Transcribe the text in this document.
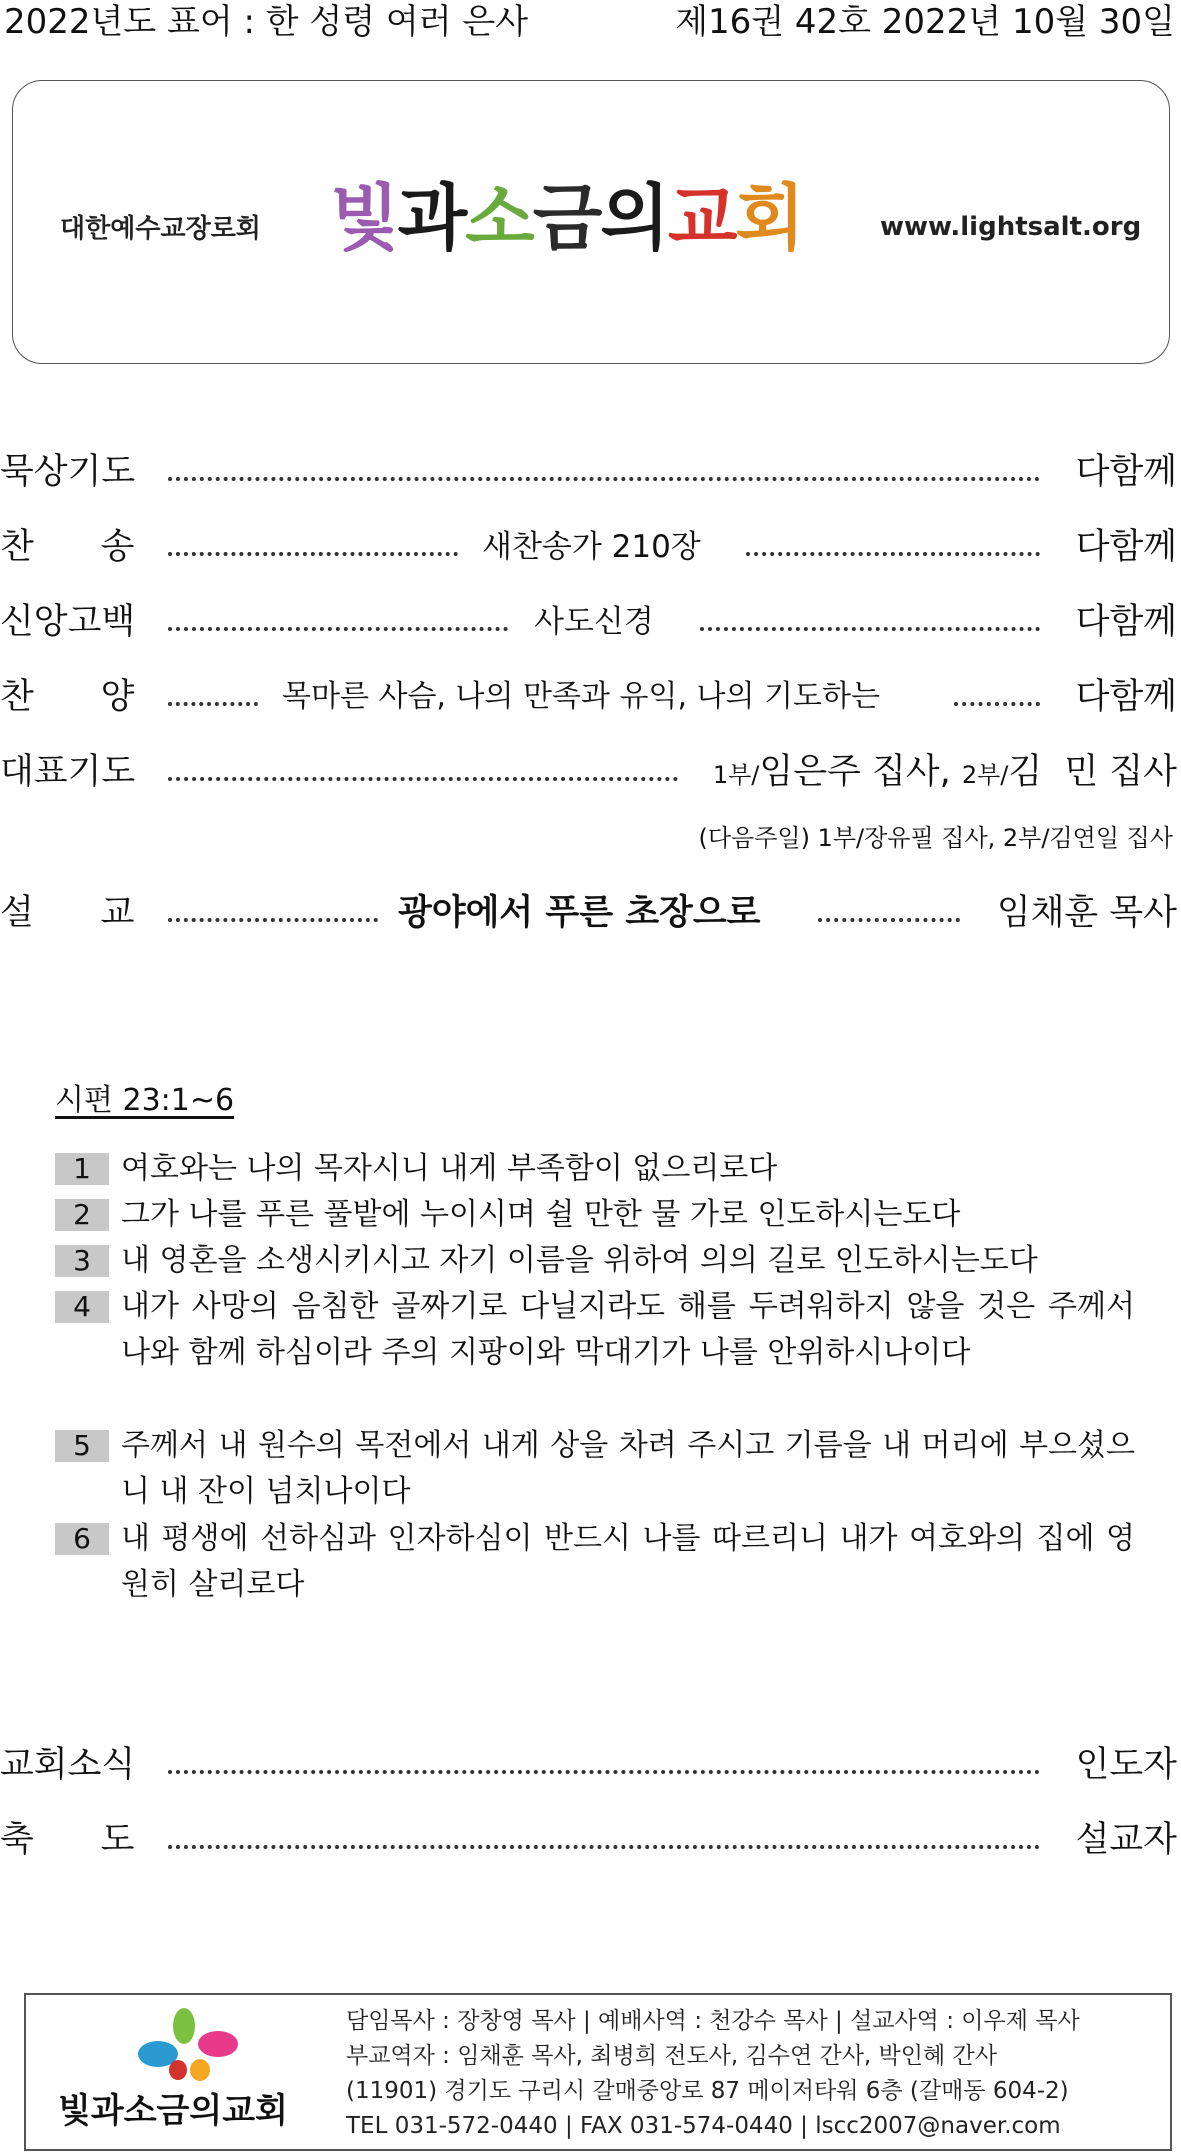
2022년도 표어 : 한 성령 여러 은사	제16권 42호 2022년 10월 30일
대한예수교장로회 빛과소금의교회	www.lightsalt.org
묵상기도	다함께
찬      송	새찬송가 210장	다함께
신앙고백	사도신경	다함께
찬      양	목마른 사슴, 나의 만족과 유익, 나의 기도하는	다함께
대표기도	1부/임은주 집사, 2부/김  민 집사
(다음주일) 1부/장유필 집사, 2부/김연일 집사
설      교	광야에서 푸른 초장으로	임채훈 목사
시편 23:1~6
1	여호와는 나의 목자시니 내게 부족함이 없으리로다
2	그가 나를 푸른 풀밭에 누이시며 쉴 만한 물 가로 인도하시는도다
3	내 영혼을 소생시키시고 자기 이름을 위하여 의의 길로 인도하시는도다
4	내가 사망의 음침한 골짜기로 다닐지라도 해를 두려워하지 않을 것은 주께서 나와 함께 하심이라 주의 지팡이와 막대기가 나를 안위하시나이다
5	주께서 내 원수의 목전에서 내게 상을 차려 주시고 기름을 내 머리에 부으셨으니 내 잔이 넘치나이다
6	내 평생에 선하심과 인자하심이 반드시 나를 따르리니 내가 여호와의 집에 영원히 살리로다
교회소식	인도자
축      도	설교자
빛과소금의교회
담임목사 : 장창영 목사 | 예배사역 : 천강수 목사 | 설교사역 : 이우제 목사
부교역자 : 임채훈 목사, 최병희 전도사, 김수연 간사, 박인혜 간사
(11901) 경기도 구리시 갈매중앙로 87 메이저타워 6층 (갈매동 604-2)
TEL 031-572-0440 | FAX 031-574-0440 | lscc2007@naver.com
